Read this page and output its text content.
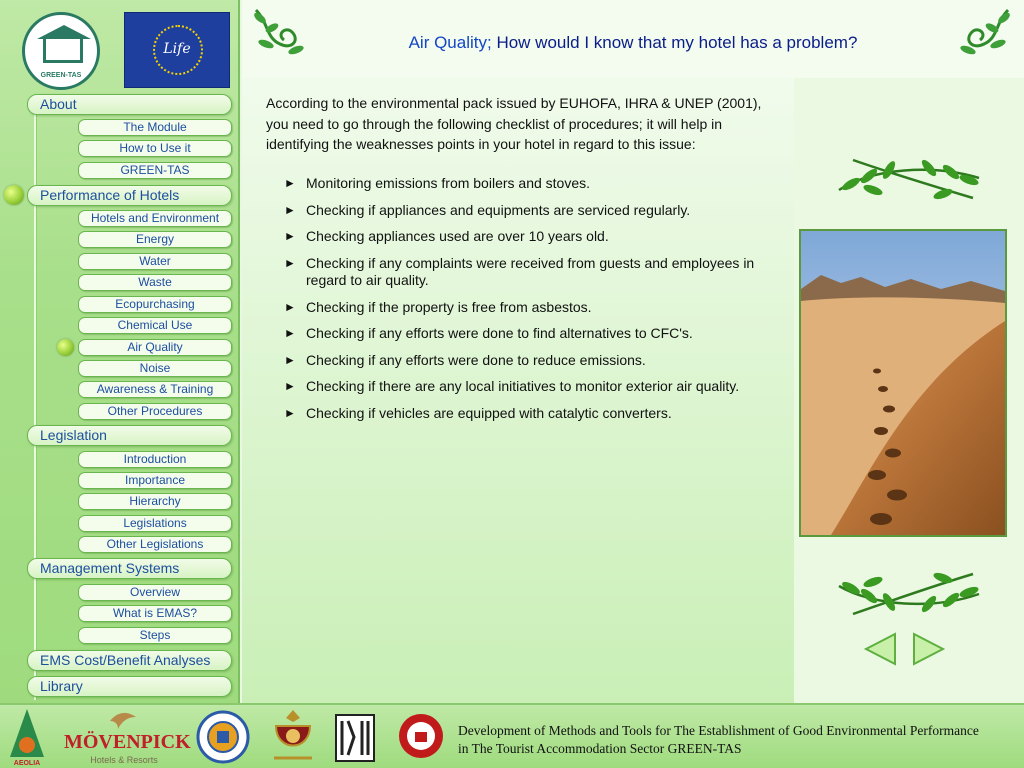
GREEN-TAS
Life
About
The Module
How to Use it
GREEN-TAS
Performance of Hotels
Hotels and Environment
Energy
Water
Waste
Ecopurchasing
Chemical Use
Air Quality
Noise
Awareness & Training
Other Procedures
Legislation
Introduction
Importance
Hierarchy
Legislations
Other Legislations
Management Systems
Overview
What is EMAS?
Steps
EMS Cost/Benefit Analyses
Library
Air Quality; How would I know that my hotel has a problem?

According to the environmental pack issued by EUHOFA, IHRA & UNEP (2001), you need to go through the following checklist of procedures; it will help in identifying the weaknesses points in your hotel in regard to this issue:

► Monitoring emissions from boilers and stoves.
► Checking if appliances and equipments are serviced regularly.
► Checking appliances used are over 10 years old.
► Checking if any complaints were received from guests and employees in regard to air quality.
► Checking if the property is free from asbestos.
► Checking if any efforts were done to find alternatives to CFC's.
► Checking if any efforts were done to reduce emissions.
► Checking if there are any local initiatives to monitor exterior air quality.
► Checking if vehicles are equipped with catalytic converters.
AEOLIA
MÖVENPICK
Hotels & Resorts
Development of Methods and Tools for The Establishment of Good Environmental Performance
in The Tourist Accommodation Sector GREEN-TAS
